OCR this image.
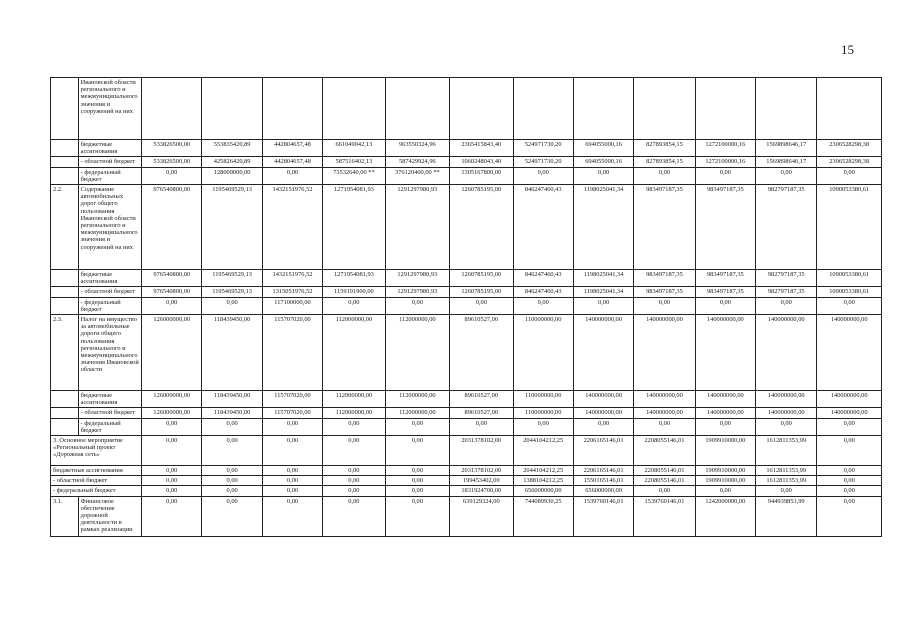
15
	Ивановской области регионального и межмуниципального значения и сооружений на них												
	бюджетные ассигнования	533826500,00	553835420,89	442804657,48	661049042,13	963550324,96	2365415843,40	524971730,20	694055000,16	827893854,15	1272100000,16	1569898646,17	2306528298,38
	- областной бюджет	533826500,00	425826420,89	442804657,48	587516402,13	587429924,96	1060248043,40	524971730,20	694055000,16	827893854,15	1272100000,16	1569898646,17	2306528298,38
	- федеральный бюджет	0,00	128009000,00	0,00	73532640,00 **	376120400,00 **	1305167800,00	0,00	0,00	0,00	0,00	0,00	0,00
2.2.	Содержание автомобильных дорог общего пользования Ивановской области регионального и межмуниципального значения и сооружений на них	976540800,00	1195469529,13	1432151976,52	1271954081,93	1291297980,93	1260785195,00	846247460,43	1198025041,34	983497187,35	983497187,35	982797187,35	1090053380,61
	бюджетные ассигнования	976540800,00	1195469529,13	1432151976,52	1271954081,93	1291297980,93	1260785195,00	846247460,43	1198025041,34	983497187,35	983497187,35	982797187,35	1090053380,61
	- областной бюджет	976540800,00	1195469529,13	1315051976,52	1159191900,00	1291297980,93	1260785195,00	846247460,43	1198025041,34	983497187,35	983497187,35	982797187,35	1090053380,61
	- федеральный бюджет	0,00	0,00	117100000,00	0,00	0,00	0,00	0,00	0,00	0,00	0,00	0,00	0,00
2.3.	Налог на имущество за автомобильные дороги общего пользования регионального и межмуниципального значения Ивановской области	126000000,00	118439450,00	115707020,00	112000000,00	112000000,00	89610527,00	110000000,00	140000000,00	140000000,00	140000000,00	140000000,00	140000000,00
	бюджетные ассигнования	126000000,00	118439450,00	115707020,00	112000000,00	112000000,00	89610527,00	110000000,00	140000000,00	140000000,00	140000000,00	140000000,00	140000000,00
	- областной бюджет	126000000,00	118439450,00	115707020,00	112000000,00	112000000,00	89610527,00	110000000,00	140000000,00	140000000,00	140000000,00	140000000,00	140000000,00
	- федеральный бюджет	0,00	0,00	0,00	0,00	0,00	0,00	0,00	0,00	0,00	0,00	0,00	0,00
3. Основное мероприятие «Региональный проект «Дорожная сеть»		0,00	0,00	0,00	0,00	0,00	2031378102,00	2044104212,25	2206165146,01	2208055146,01	1909910000,00	1612811353,99	0,00
бюджетные ассигнования		0,00	0,00	0,00	0,00	0,00	2031378102,00	2044104212,25	2206165146,01	2208055146,01	1909910000,00	1612811353,99	0,00
- областной бюджет		0,00	0,00	0,00	0,00	0,00	199453402,00	1388104212,25	1550165146,01	2208055146,01	1909910000,00	1612811353,99	0,00
- федеральный бюджет		0,00	0,00	0,00	0,00	0,00	1831924700,00	656000000,00	656000000,00	0,00	0,00	0,00	0,00
3.1.	Финансовое обеспечение дорожной деятельности в рамках реализации	0,00	0,00	0,00	0,00	0,00	639129324,00	744089930,25	1539760146,01	1539760146,01	1242000000,00	944939853,99	0,00
